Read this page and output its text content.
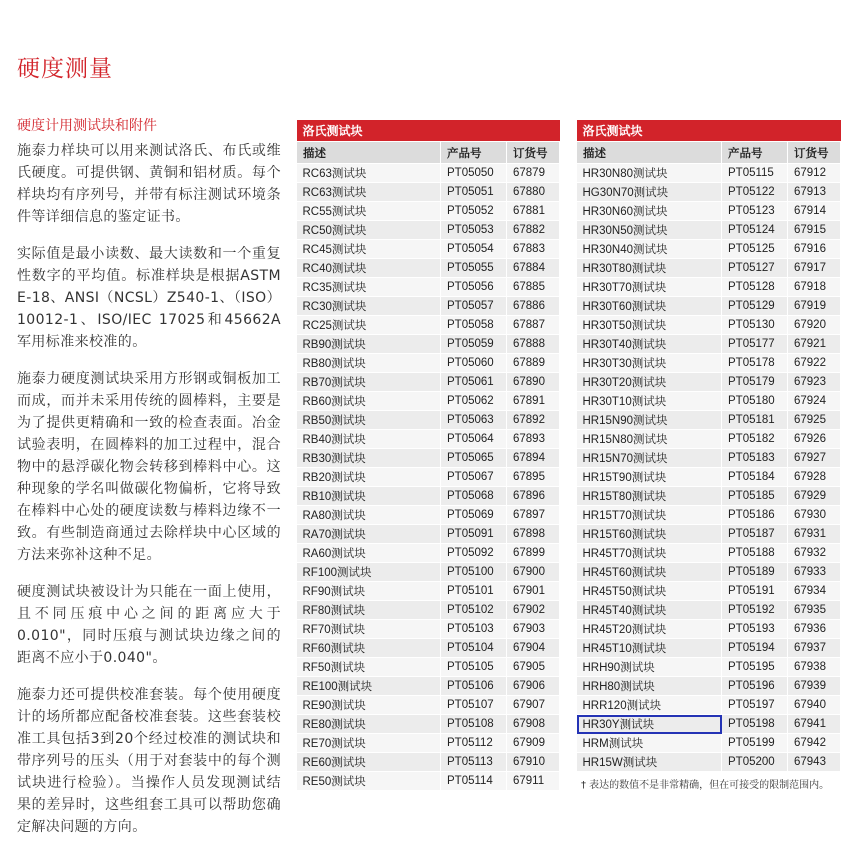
硬度测量
硬度计用测试块和附件

施泰力样块可以用来测试洛氏、布氏或维氏硬度。可提供钢、黄铜和铝材质。每个样块均有序列号，并带有标注测试环境条件等详细信息的鉴定证书。

实际值是最小读数、最大读数和一个重复性数字的平均值。标准样块是根据ASTM E-18、ANSI（NCSL）Z540-1、（ISO）10012-1、ISO/IEC 17025和45662A军用标准来校准的。

施泰力硬度测试块采用方形钢或铜板加工而成，而并未采用传统的圆棒料，主要是为了提供更精确和一致的检查表面。冶金试验表明，在圆棒料的加工过程中，混合物中的悬浮碳化物会转移到棒料中心。这种现象的学名叫做碳化物偏析，它将导致在棒料中心处的硬度读数与棒料边缘不一致。有些制造商通过去除样块中心区域的方法来弥补这种不足。

硬度测试块被设计为只能在一面上使用，且不同压痕中心之间的距离应大于0.010"，同时压痕与测试块边缘之间的距离不应小于0.040"。

施泰力还可提供校准套装。每个使用硬度计的场所都应配备校准套装。这些套装校准工具包括3到20个经过校准的测试块和带序列号的压头（用于对套装中的每个测试块进行检验）。当操作人员发现测试结果的差异时，这些组套工具可以帮助您确定解决问题的方向。

洛氏测试块		
描述	产品号	订货号
RC63测试块	PT05050	67879
RC63测试块	PT05051	67880
RC55测试块	PT05052	67881
RC50测试块	PT05053	67882
RC45测试块	PT05054	67883
RC40测试块	PT05055	67884
RC35测试块	PT05056	67885
RC30测试块	PT05057	67886
RC25测试块	PT05058	67887
RB90测试块	PT05059	67888
RB80测试块	PT05060	67889
RB70测试块	PT05061	67890
RB60测试块	PT05062	67891
RB50测试块	PT05063	67892
RB40测试块	PT05064	67893
RB30测试块	PT05065	67894
RB20测试块	PT05067	67895
RB10测试块	PT05068	67896
RA80测试块	PT05069	67897
RA70测试块	PT05091	67898
RA60测试块	PT05092	67899
RF100测试块	PT05100	67900
RF90测试块	PT05101	67901
RF80测试块	PT05102	67902
RF70测试块	PT05103	67903
RF60测试块	PT05104	67904
RF50测试块	PT05105	67905
RE100测试块	PT05106	67906
RE90测试块	PT05107	67907
RE80测试块	PT05108	67908
RE70测试块	PT05112	67909
RE60测试块	PT05113	67910
RE50测试块	PT05114	67911
洛氏测试块		
描述	产品号	订货号
HR30N80测试块	PT05115	67912
HG30N70测试块	PT05122	67913
HR30N60测试块	PT05123	67914
HR30N50测试块	PT05124	67915
HR30N40测试块	PT05125	67916
HR30T80测试块	PT05127	67917
HR30T70测试块	PT05128	67918
HR30T60测试块	PT05129	67919
HR30T50测试块	PT05130	67920
HR30T40测试块	PT05177	67921
HR30T30测试块	PT05178	67922
HR30T20测试块	PT05179	67923
HR30T10测试块	PT05180	67924
HR15N90测试块	PT05181	67925
HR15N80测试块	PT05182	67926
HR15N70测试块	PT05183	67927
HR15T90测试块	PT05184	67928
HR15T80测试块	PT05185	67929
HR15T70测试块	PT05186	67930
HR15T60测试块	PT05187	67931
HR45T70测试块	PT05188	67932
HR45T60测试块	PT05189	67933
HR45T50测试块	PT05191	67934
HR45T40测试块	PT05192	67935
HR45T20测试块	PT05193	67936
HR45T10测试块	PT05194	67937
HRH90测试块	PT05195	67938
HRH80测试块	PT05196	67939
HRR120测试块	PT05197	67940
HR30Y测试块	PT05198	67941
HRM测试块	PT05199	67942
HR15W测试块	PT05200	67943
† 表达的数值不是非常精确，但在可接受的限制范围内。
